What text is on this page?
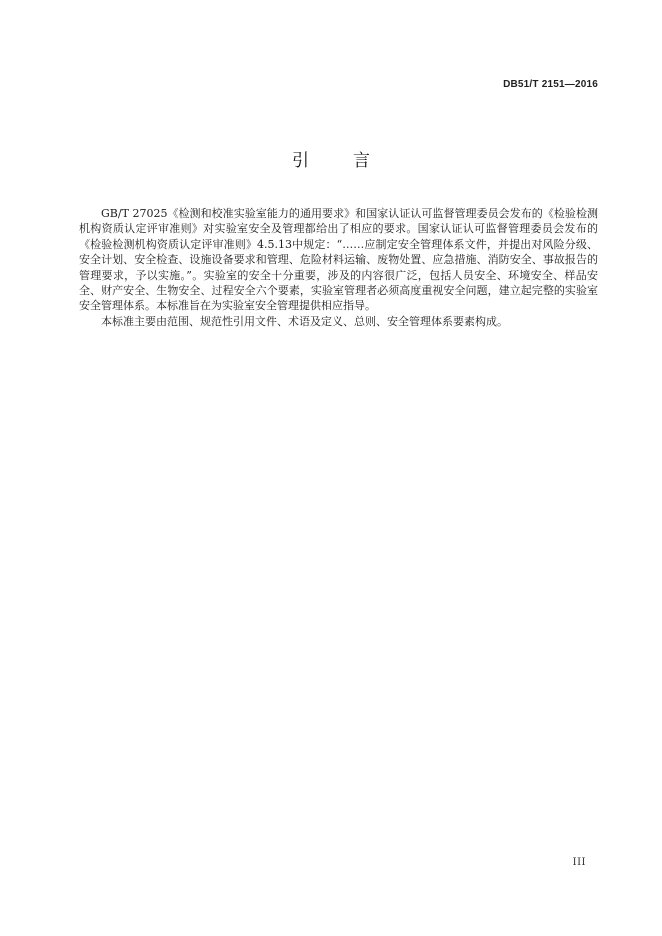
DB51/T 2151—2016
引言

GB/T 27025《检测和校准实验室能力的通用要求》和国家认证认可监督管理委员会发布的《检验检测机构资质认定评审准则》对实验室安全及管理都给出了相应的要求。国家认证认可监督管理委员会发布的《检验检测机构资质认定评审准则》4.5.13中规定：“……应制定安全管理体系文件，并提出对风险分级、安全计划、安全检查、设施设备要求和管理、危险材料运输、废物处置、应急措施、消防安全、事故报告的管理要求，予以实施。”。实验室的安全十分重要，涉及的内容很广泛，包括人员安全、环境安全、样品安全、财产安全、生物安全、过程安全六个要素，实验室管理者必须高度重视安全问题，建立起完整的实验室安全管理体系。本标准旨在为实验室安全管理提供相应指导。

本标准主要由范围、规范性引用文件、术语及定义、总则、安全管理体系要素构成。

III
